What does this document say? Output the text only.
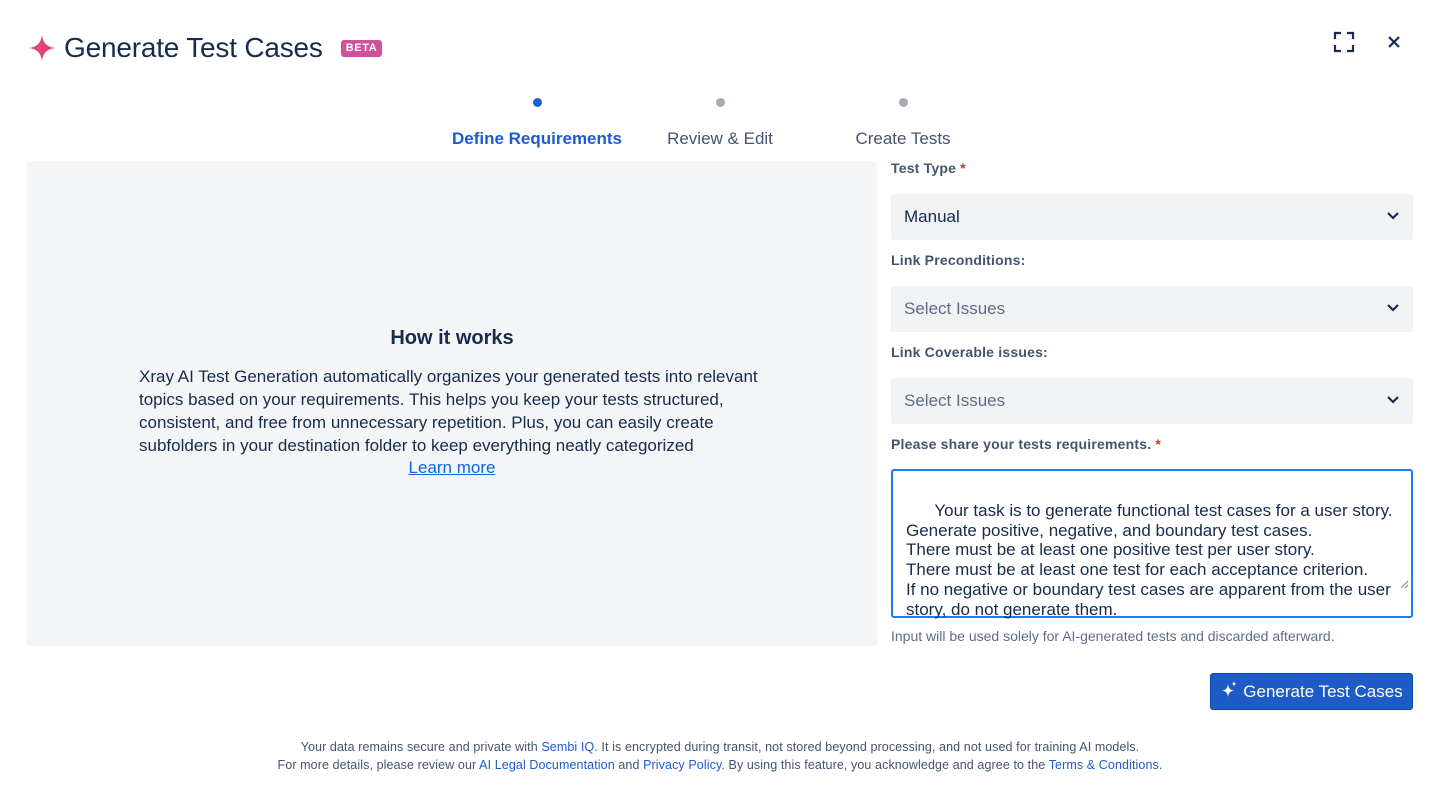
Generate Test Cases	BETA
Define Requirements	Review & Edit	Create Tests
How it works
Xray AI Test Generation automatically organizes your generated tests into relevant topics based on your requirements. This helps you keep your tests structured, consistent, and free from unnecessary repetition. Plus, you can easily create subfolders in your destination folder to keep everything neatly categorized
Learn more
Test Type *
Manual
Link Preconditions:
Select Issues
Link Coverable issues:
Select Issues
Please share your tests requirements. *

Your task is to generate functional test cases for a user story.
Generate positive, negative, and boundary test cases.
There must be at least one positive test per user story.
There must be at least one test for each acceptance criterion.
If no negative or boundary test cases are apparent from the user story, do not generate them.

Input will be used solely for AI-generated tests and discarded afterward.
Generate Test Cases
Your data remains secure and private with Sembi IQ. It is encrypted during transit, not stored beyond processing, and not used for training AI models.
For more details, please review our AI Legal Documentation and Privacy Policy. By using this feature, you acknowledge and agree to the Terms & Conditions.
